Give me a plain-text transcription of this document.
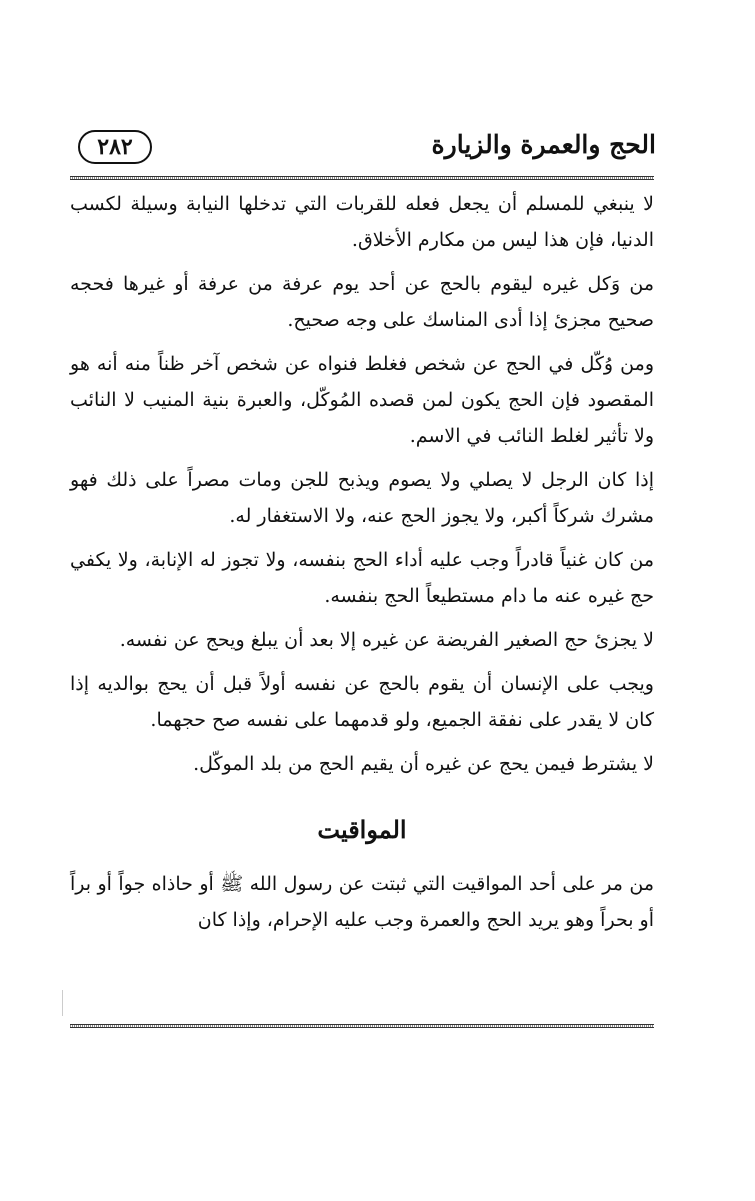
الحج والعمرة والزيارة
٢٨٢

لا ينبغي للمسلم أن يجعل فعله للقربات التي تدخلها النيابة وسيلة لكسب الدنيا، فإن هذا ليس من مكارم الأخلاق.

من وَكل غيره ليقوم بالحج عن أحد يوم عرفة من عرفة أو غيرها فحجه صحيح مجزئ إذا أدى المناسك على وجه صحيح.

ومن وُكّل في الحج عن شخص فغلط فنواه عن شخص آخر ظناً منه أنه هو المقصود فإن الحج يكون لمن قصده المُوكّل، والعبرة بنية المنيب لا النائب ولا تأثير لغلط النائب في الاسم.

إذا كان الرجل لا يصلي ولا يصوم ويذبح للجن ومات مصراً على ذلك فهو مشرك شركاً أكبر، ولا يجوز الحج عنه، ولا الاستغفار له.

من كان غنياً قادراً وجب عليه أداء الحج بنفسه، ولا تجوز له الإنابة، ولا يكفي حج غيره عنه ما دام مستطيعاً الحج بنفسه.

لا يجزئ حج الصغير الفريضة عن غيره إلا بعد أن يبلغ ويحج عن نفسه.

ويجب على الإنسان أن يقوم بالحج عن نفسه أولاً قبل أن يحج بوالديه إذا كان لا يقدر على نفقة الجميع، ولو قدمهما على نفسه صح حجهما.

لا يشترط فيمن يحج عن غيره أن يقيم الحج من بلد الموكّل.

المواقيت

من مر على أحد المواقيت التي ثبتت عن رسول الله ﷺ أو حاذاه جواً أو براً أو بحراً وهو يريد الحج والعمرة وجب عليه الإحرام، وإذا كان
